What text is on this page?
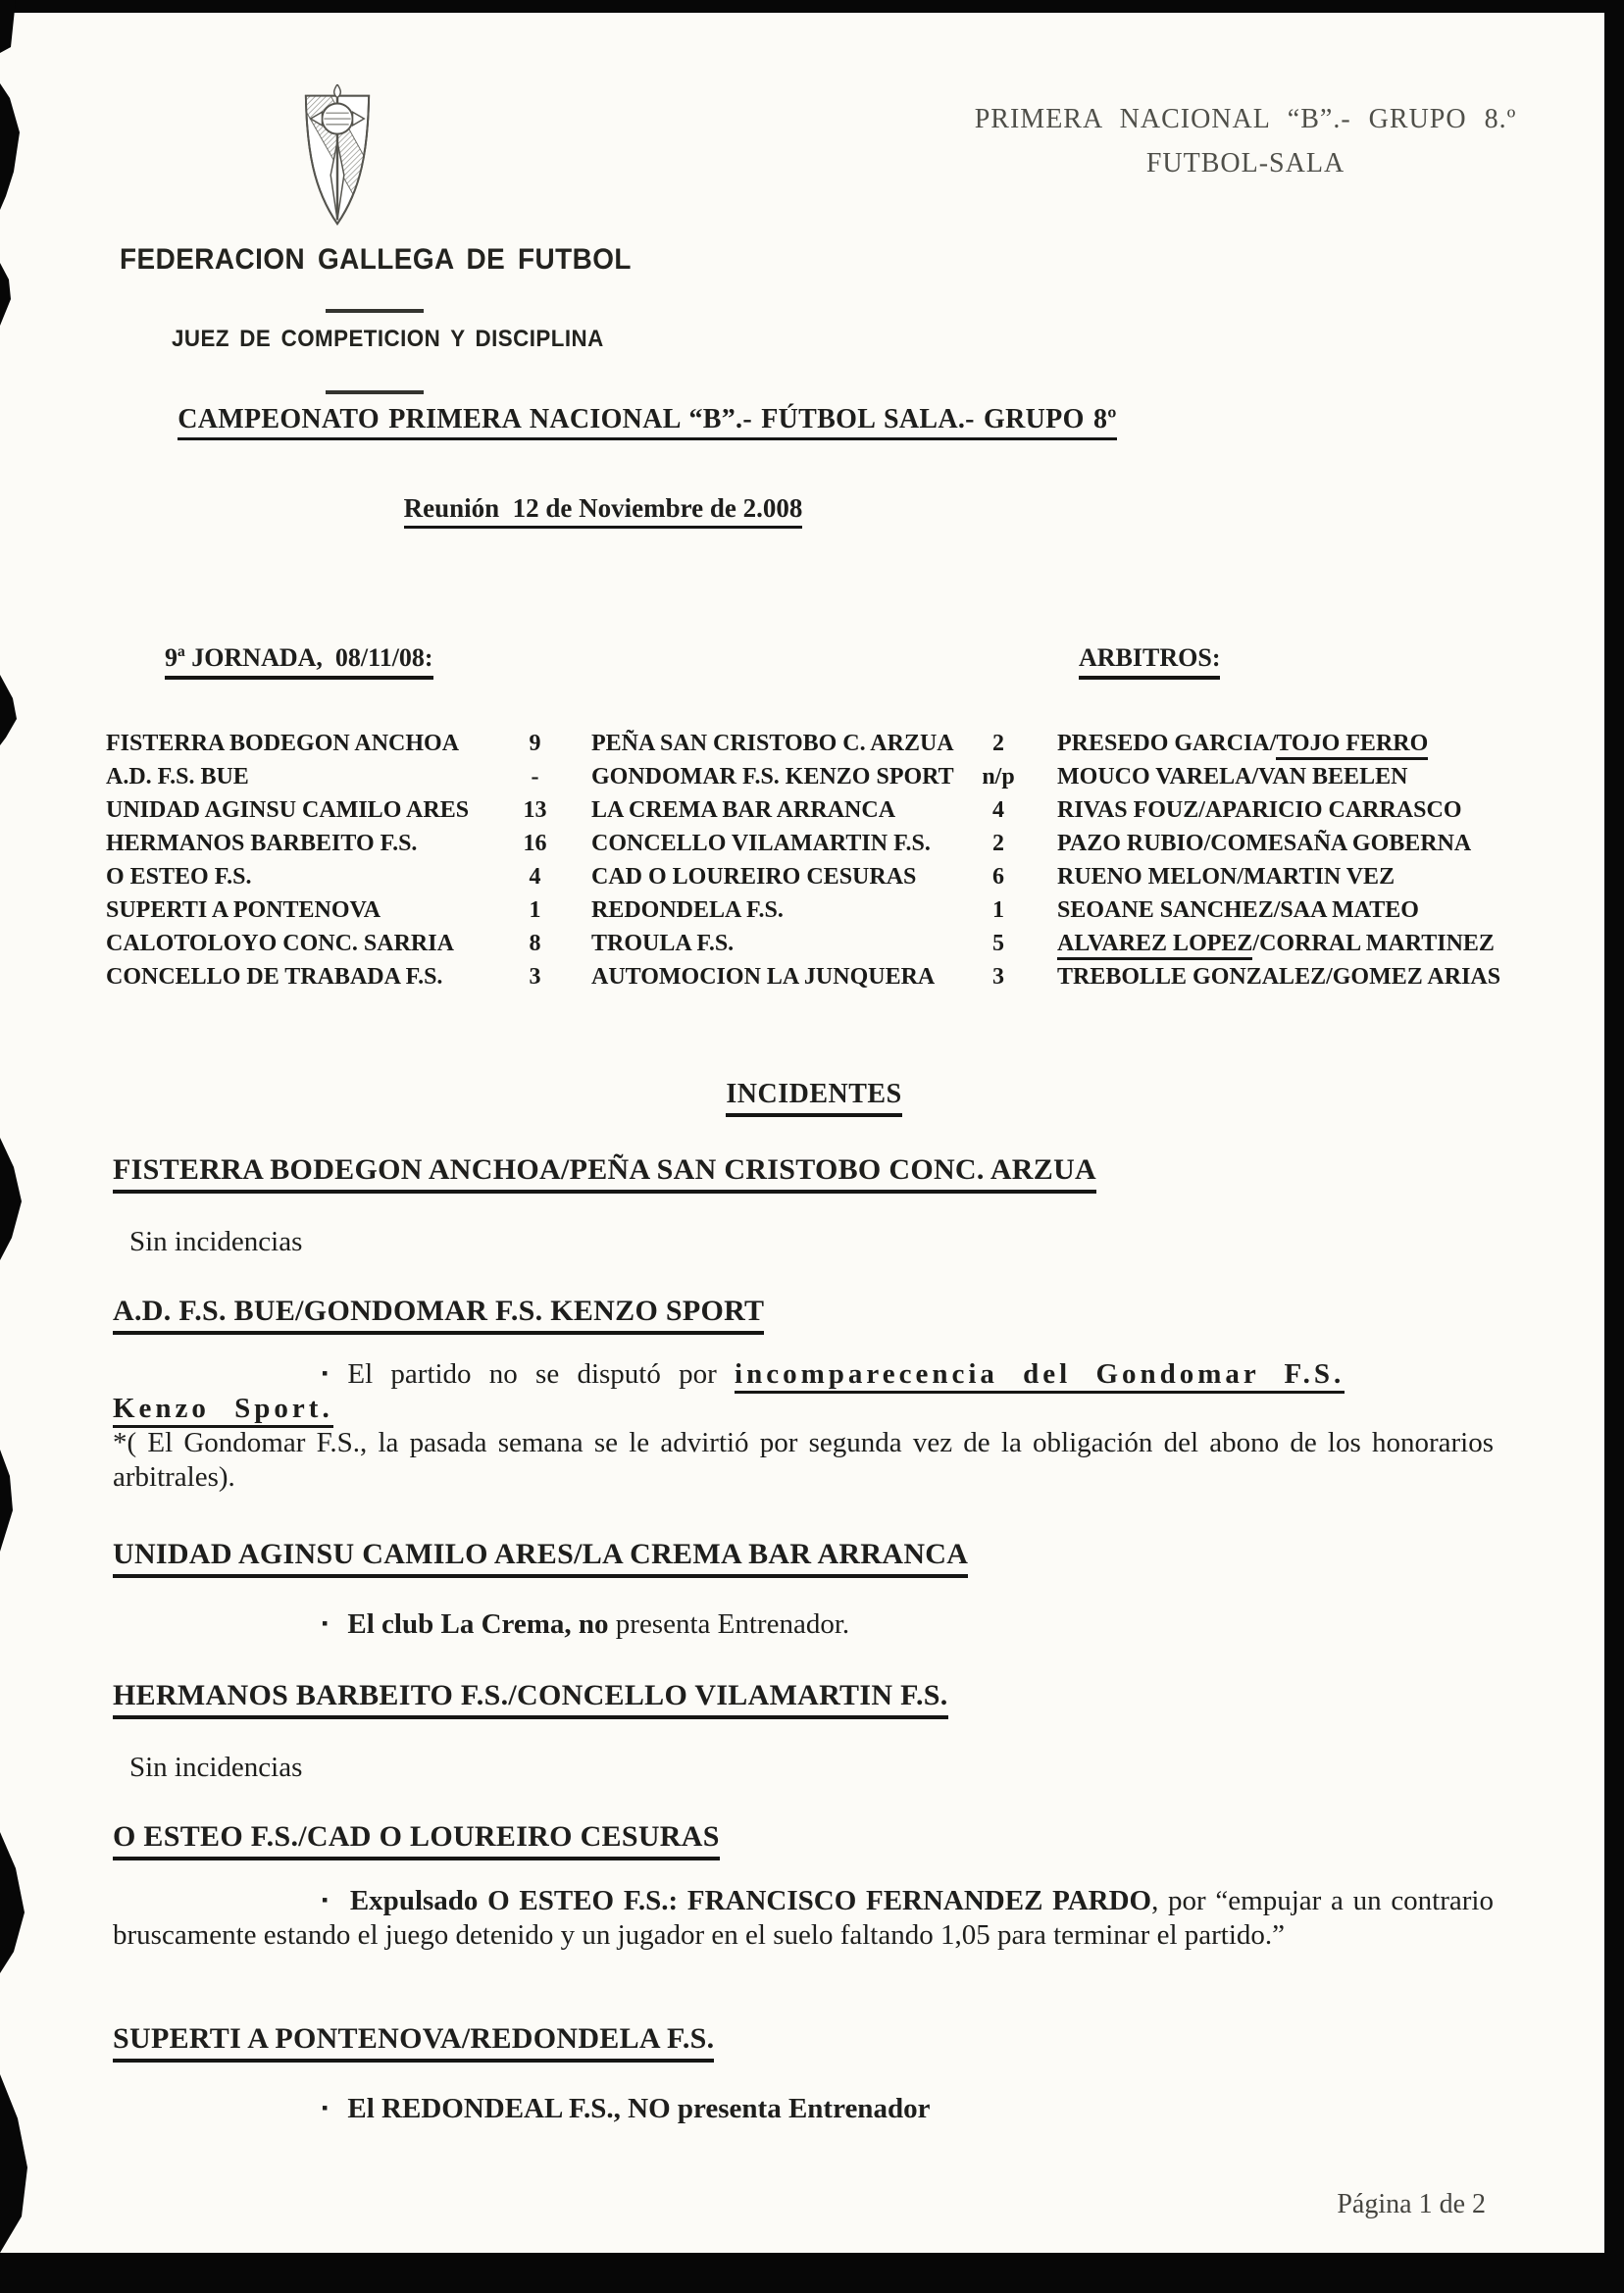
FEDERACION GALLEGA DE FUTBOL
JUEZ DE COMPETICION Y DISCIPLINA
PRIMERA NACIONAL “B”.- GRUPO 8.º
FUTBOL-SALA
CAMPEONATO PRIMERA NACIONAL “B”.- FÚTBOL SALA.- GRUPO 8º
Reunión  12 de Noviembre de 2.008
9ª JORNADA,  08/11/08:	ARBITROS:
FISTERRA BODEGON ANCHOA	9	PEÑA SAN CRISTOBO C. ARZUA	2	PRESEDO GARCIA/TOJO FERRO
A.D. F.S. BUE	-	GONDOMAR F.S. KENZO SPORT	n/p	MOUCO VARELA/VAN BEELEN
UNIDAD AGINSU CAMILO ARES	13	LA CREMA BAR ARRANCA	4	RIVAS FOUZ/APARICIO CARRASCO
HERMANOS BARBEITO F.S.	16	CONCELLO VILAMARTIN F.S.	2	PAZO RUBIO/COMESAÑA GOBERNA
O ESTEO F.S.	4	CAD O LOUREIRO CESURAS	6	RUENO MELON/MARTIN VEZ
SUPERTI A PONTENOVA	1	REDONDELA F.S.	1	SEOANE SANCHEZ/SAA MATEO
CALOTOLOYO CONC. SARRIA	8	TROULA F.S.	5	ALVAREZ LOPEZ/CORRAL MARTINEZ
CONCELLO DE TRABADA F.S.	3	AUTOMOCION LA JUNQUERA	3	TREBOLLE GONZALEZ/GOMEZ ARIAS
INCIDENTES
FISTERRA BODEGON ANCHOA/PEÑA SAN CRISTOBO CONC. ARZUA
Sin incidencias
A.D. F.S. BUE/GONDOMAR F.S. KENZO SPORT

▪ El partido no se disputó por incomparecencia del Gondomar F.S.
Kenzo Sport.

*( El Gondomar F.S., la pasada semana se le advirtió por segunda vez de la obligación del abono de los honorarios arbitrales).

UNIDAD AGINSU CAMILO ARES/LA CREMA BAR ARRANCA

▪ El club La Crema, no presenta Entrenador.

HERMANOS BARBEITO F.S./CONCELLO VILAMARTIN F.S.
Sin incidencias
O ESTEO F.S./CAD O LOUREIRO CESURAS

▪ Expulsado O ESTEO F.S.: FRANCISCO FERNANDEZ PARDO, por “empujar a un contrario bruscamente estando el juego detenido y un jugador en el suelo faltando 1,05 para terminar el partido.”

SUPERTI A PONTENOVA/REDONDELA F.S.

▪ El REDONDEAL F.S., NO presenta Entrenador

Página 1 de 2
